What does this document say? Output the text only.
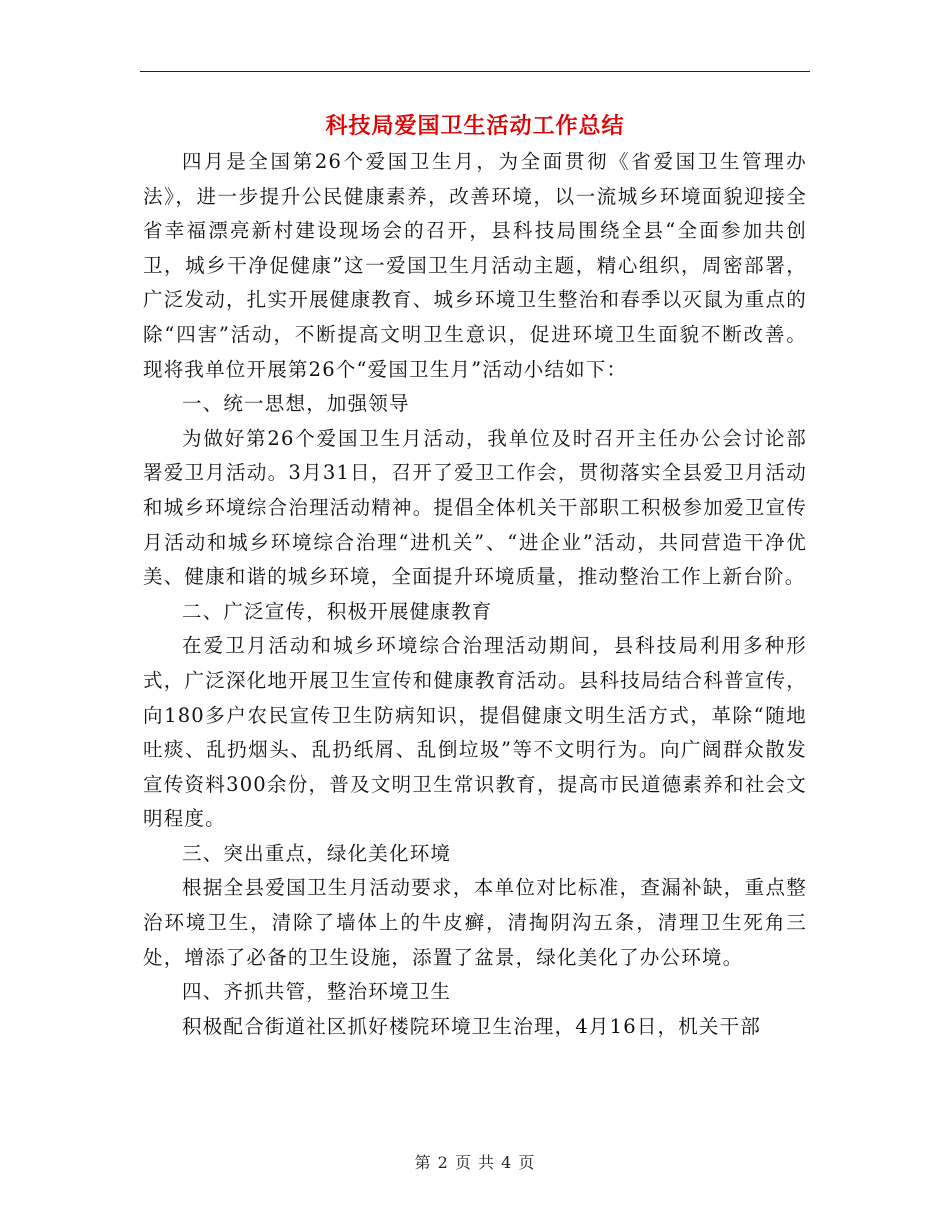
科技局爱国卫生活动工作总结

四月是全国第26个爱国卫生月，为全面贯彻《省爱国卫生管理办法》，进一步提升公民健康素养，改善环境，以一流城乡环境面貌迎接全省幸福漂亮新村建设现场会的召开，县科技局围绕全县“全面参加共创卫，城乡干净促健康”这一爱国卫生月活动主题，精心组织，周密部署，广泛发动，扎实开展健康教育、城乡环境卫生整治和春季以灭鼠为重点的除“四害”活动，不断提高文明卫生意识，促进环境卫生面貌不断改善。现将我单位开展第26个“爱国卫生月”活动小结如下：

一、统一思想，加强领导

为做好第26个爱国卫生月活动，我单位及时召开主任办公会讨论部署爱卫月活动。3月31日，召开了爱卫工作会，贯彻落实全县爱卫月活动和城乡环境综合治理活动精神。提倡全体机关干部职工积极参加爱卫宣传月活动和城乡环境综合治理“进机关”、“进企业”活动，共同营造干净优美、健康和谐的城乡环境，全面提升环境质量，推动整治工作上新台阶。

二、广泛宣传，积极开展健康教育

在爱卫月活动和城乡环境综合治理活动期间，县科技局利用多种形式，广泛深化地开展卫生宣传和健康教育活动。县科技局结合科普宣传，向180多户农民宣传卫生防病知识，提倡健康文明生活方式，革除“随地吐痰、乱扔烟头、乱扔纸屑、乱倒垃圾”等不文明行为。向广阔群众散发宣传资料300余份，普及文明卫生常识教育，提高市民道德素养和社会文明程度。

三、突出重点，绿化美化环境

根据全县爱国卫生月活动要求，本单位对比标准，查漏补缺，重点整治环境卫生，清除了墙体上的牛皮癣，清掏阴沟五条，清理卫生死角三处，增添了必备的卫生设施，添置了盆景，绿化美化了办公环境。

四、齐抓共管，整治环境卫生

积极配合街道社区抓好楼院环境卫生治理，4月16日，机关干部

第 2 页 共 4 页
